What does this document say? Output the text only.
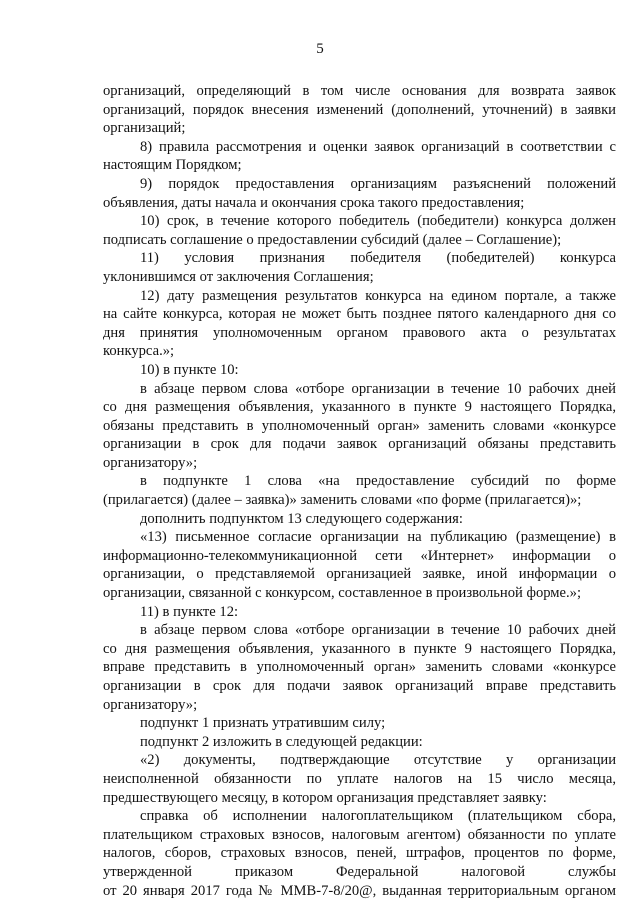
5
организаций, определяющий в том числе основания для возврата заявок
организаций, порядок внесения изменений (дополнений, уточнений) в заявки
организаций;
8) правила рассмотрения и оценки заявок организаций в соответствии с
настоящим Порядком;
9) порядок предоставления организациям разъяснений положений
объявления, даты начала и окончания срока такого предоставления;
10) срок, в течение которого победитель (победители) конкурса должен
подписать соглашение о предоставлении субсидий (далее – Соглашение);
11) условия признания победителя (победителей) конкурса
уклонившимся от заключения Соглашения;
12) дату размещения результатов конкурса на едином портале, а также
на сайте конкурса, которая не может быть позднее пятого календарного дня со
дня принятия уполномоченным органом правового акта о результатах
конкурса.»;
10) в пункте 10:
в абзаце первом слова «отборе организации в течение 10 рабочих дней
со дня размещения объявления, указанного в пункте 9 настоящего Порядка,
обязаны представить в уполномоченный орган» заменить словами «конкурсе
организации в срок для подачи заявок организаций обязаны представить
организатору»;
в подпункте 1 слова «на предоставление субсидий по форме
(прилагается) (далее – заявка)» заменить словами «по форме (прилагается)»;
дополнить подпунктом 13 следующего содержания:
«13) письменное согласие организации на публикацию (размещение) в
информационно-телекоммуникационной сети «Интернет» информации о
организации, о представляемой организацией заявке, иной информации о
организации, связанной с конкурсом, составленное в произвольной форме.»;
11) в пункте 12:
в абзаце первом слова «отборе организации в течение 10 рабочих дней
со дня размещения объявления, указанного в пункте 9 настоящего Порядка,
вправе представить в уполномоченный орган» заменить словами «конкурсе
организации в срок для подачи заявок организаций вправе представить
организатору»;
подпункт 1 признать утратившим силу;
подпункт 2 изложить в следующей редакции:
«2) документы, подтверждающие отсутствие у организации
неисполненной обязанности по уплате налогов на 15 число месяца,
предшествующего месяцу, в котором организация представляет заявку:
справка об исполнении налогоплательщиком (плательщиком сбора,
плательщиком страховых взносов, налоговым агентом) обязанности по уплате
налогов, сборов, страховых взносов, пеней, штрафов, процентов по форме,
утвержденной приказом Федеральной налоговой службы
от 20 января 2017 года № ММВ-7-8/20@, выданная территориальным органом
